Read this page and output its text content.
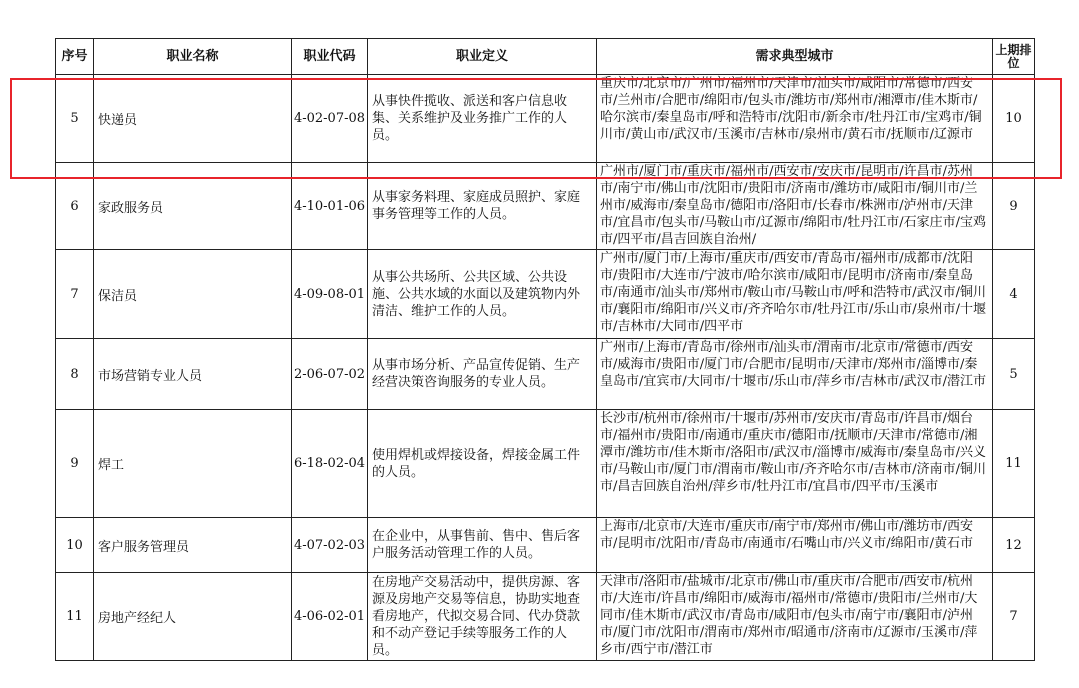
序号	职业名称	职业代码	职业定义	需求典型城市	上期排位
5	快递员	4-02-07-08	从事快件揽收、派送和客户信息收集、关系维护及业务推广工作的人员。	重庆市/北京市/广州市/福州市/天津市/汕头市/咸阳市/常德市/西安市/兰州市/合肥市/绵阳市/包头市/潍坊市/郑州市/湘潭市/佳木斯市/哈尔滨市/秦皇岛市/呼和浩特市/沈阳市/新余市/牡丹江市/宝鸡市/铜川市/黄山市/武汉市/玉溪市/吉林市/泉州市/黄石市/抚顺市/辽源市	10
6	家政服务员	4-10-01-06	从事家务料理、家庭成员照护、家庭事务管理等工作的人员。	广州市/厦门市/重庆市/福州市/西安市/安庆市/昆明市/许昌市/苏州市/南宁市/佛山市/沈阳市/贵阳市/济南市/潍坊市/咸阳市/铜川市/兰州市/威海市/秦皇岛市/德阳市/洛阳市/长春市/株洲市/泸州市/天津市/宜昌市/包头市/马鞍山市/辽源市/绵阳市/牡丹江市/石家庄市/宝鸡市/四平市/昌吉回族自治州/	9
7	保洁员	4-09-08-01	从事公共场所、公共区域、公共设施、公共水域的水面以及建筑物内外清洁、维护工作的人员。	广州市/厦门市/上海市/重庆市/西安市/青岛市/福州市/成都市/沈阳市/贵阳市/大连市/宁波市/哈尔滨市/咸阳市/昆明市/济南市/秦皇岛市/南通市/汕头市/郑州市/鞍山市/马鞍山市/呼和浩特市/武汉市/铜川市/襄阳市/绵阳市/兴义市/齐齐哈尔市/牡丹江市/乐山市/泉州市/十堰市/吉林市/大同市/四平市	4
8	市场营销专业人员	2-06-07-02	从事市场分析、产品宣传促销、生产经营决策咨询服务的专业人员。	广州市/上海市/青岛市/徐州市/汕头市/渭南市/北京市/常德市/西安市/威海市/贵阳市/厦门市/合肥市/昆明市/天津市/郑州市/淄博市/秦皇岛市/宜宾市/大同市/十堰市/乐山市/萍乡市/吉林市/武汉市/潜江市	5
9	焊工	6-18-02-04	使用焊机或焊接设备，焊接金属工件的人员。	长沙市/杭州市/徐州市/十堰市/苏州市/安庆市/青岛市/许昌市/烟台市/福州市/贵阳市/南通市/重庆市/德阳市/抚顺市/天津市/常德市/湘潭市/潍坊市/佳木斯市/洛阳市/武汉市/淄博市/威海市/秦皇岛市/兴义市/马鞍山市/厦门市/渭南市/鞍山市/齐齐哈尔市/吉林市/济南市/铜川市/昌吉回族自治州/萍乡市/牡丹江市/宜昌市/四平市/玉溪市	11
10	客户服务管理员	4-07-02-03	在企业中，从事售前、售中、售后客户服务活动管理工作的人员。	上海市/北京市/大连市/重庆市/南宁市/郑州市/佛山市/潍坊市/西安市/昆明市/沈阳市/青岛市/南通市/石嘴山市/兴义市/绵阳市/黄石市	12
11	房地产经纪人	4-06-02-01	在房地产交易活动中，提供房源、客源及房地产交易等信息，协助实地查看房地产，代拟交易合同、代办贷款和不动产登记手续等服务工作的人员。	天津市/洛阳市/盐城市/北京市/佛山市/重庆市/合肥市/西安市/杭州市/大连市/许昌市/绵阳市/威海市/福州市/常德市/贵阳市/兰州市/大同市/佳木斯市/武汉市/青岛市/咸阳市/包头市/南宁市/襄阳市/泸州市/厦门市/沈阳市/渭南市/郑州市/昭通市/济南市/辽源市/玉溪市/萍乡市/西宁市/潜江市	7
